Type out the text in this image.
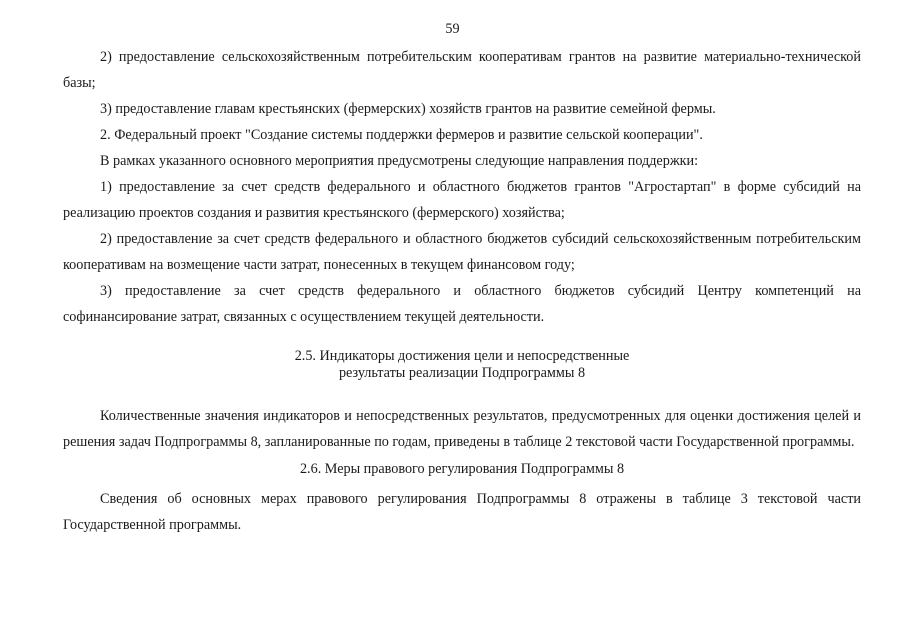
59

2) предоставление сельскохозяйственным потребительским кооперативам грантов на развитие материально-технической базы;

3) предоставление главам крестьянских (фермерских) хозяйств грантов на развитие семейной фермы.

2. Федеральный проект "Создание системы поддержки фермеров и развитие сельской кооперации".

В рамках указанного основного мероприятия предусмотрены следующие направления поддержки:

1) предоставление за счет средств федерального и областного бюджетов грантов "Агростартап" в форме субсидий на реализацию проектов создания и развития крестьянского (фермерского) хозяйства;

2) предоставление за счет средств федерального и областного бюджетов субсидий сельскохозяйственным потребительским кооперативам на возмещение части затрат, понесенных в текущем финансовом году;

3) предоставление за счет средств федерального и областного бюджетов субсидий Центру компетенций на софинансирование затрат, связанных с осуществлением текущей деятельности.

2.5. Индикаторы достижения цели и непосредственные
результаты реализации Подпрограммы 8

Количественные значения индикаторов и непосредственных результатов, предусмотренных для оценки достижения целей и решения задач Подпрограммы 8, запланированные по годам, приведены в таблице 2 текстовой части Государственной программы.

2.6. Меры правового регулирования Подпрограммы 8

Сведения об основных мерах правового регулирования Подпрограммы 8 отражены в таблице 3 текстовой части Государственной программы.
